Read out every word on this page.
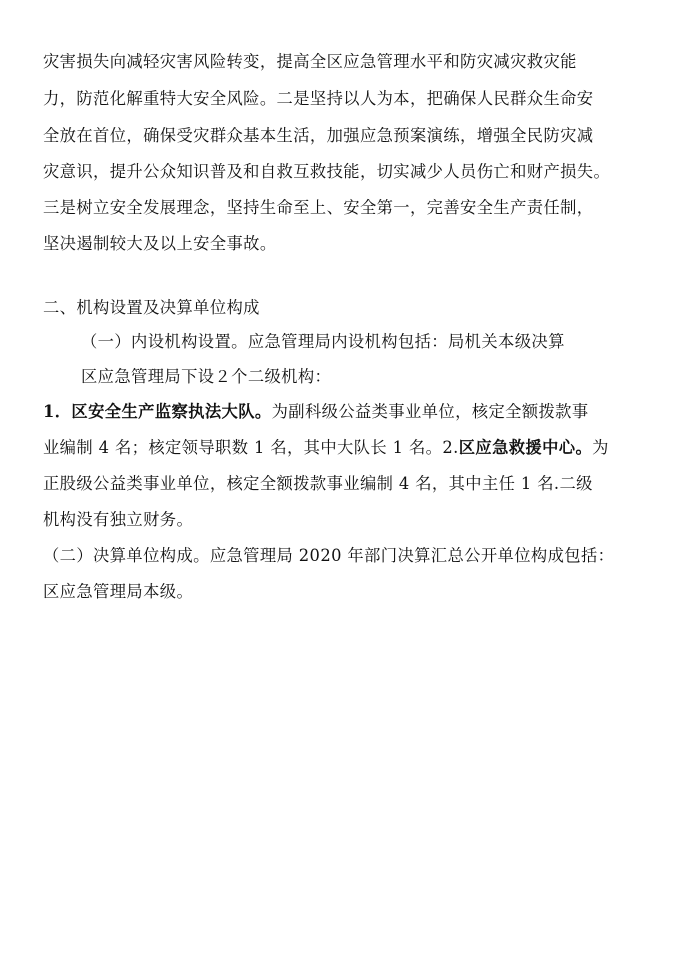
灾害损失向减轻灾害风险转变，提高全区应急管理水平和防灾减灾救灾能
力，防范化解重特大安全风险。二是坚持以人为本，把确保人民群众生命安
全放在首位，确保受灾群众基本生活，加强应急预案演练，增强全民防灾减
灾意识，提升公众知识普及和自救互救技能，切实减少人员伤亡和财产损失。
三是树立安全发展理念，坚持生命至上、安全第一，完善安全生产责任制，
坚决遏制较大及以上安全事故。
二、机构设置及决算单位构成
（一）内设机构设置。应急管理局内设机构包括：局机关本级决算
区应急管理局下设２个二级机构：
1．区安全生产监察执法大队。为副科级公益类事业单位，核定全额拨款事
业编制 4 名；核定领导职数 1 名，其中大队长 1 名。2.区应急救援中心。为
正股级公益类事业单位，核定全额拨款事业编制 4 名，其中主任 1 名.二级
机构没有独立财务。
（二）决算单位构成。应急管理局 2020 年部门决算汇总公开单位构成包括：
区应急管理局本级。
